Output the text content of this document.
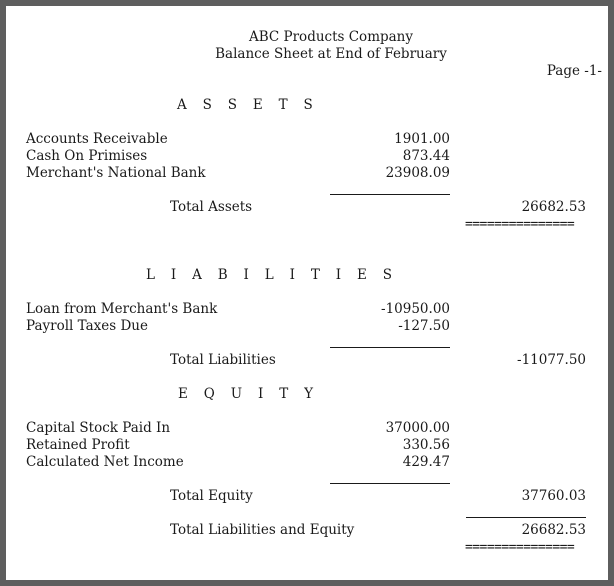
ABC Products Company
Balance Sheet at End of February
Page -1-
A S S E T S
Accounts Receivable	1901.00
Cash On Primises	873.44
Merchant's National Bank	23908.09
Total Assets	26682.53
===============
L I A B I L I T I E S
Loan from Merchant's Bank	-10950.00
Payroll Taxes Due	-127.50
Total Liabilities	-11077.50
E Q U I T Y
Capital Stock Paid In	37000.00
Retained Profit	330.56
Calculated Net Income	429.47
Total Equity	37760.03
Total Liabilities and Equity	26682.53
===============
